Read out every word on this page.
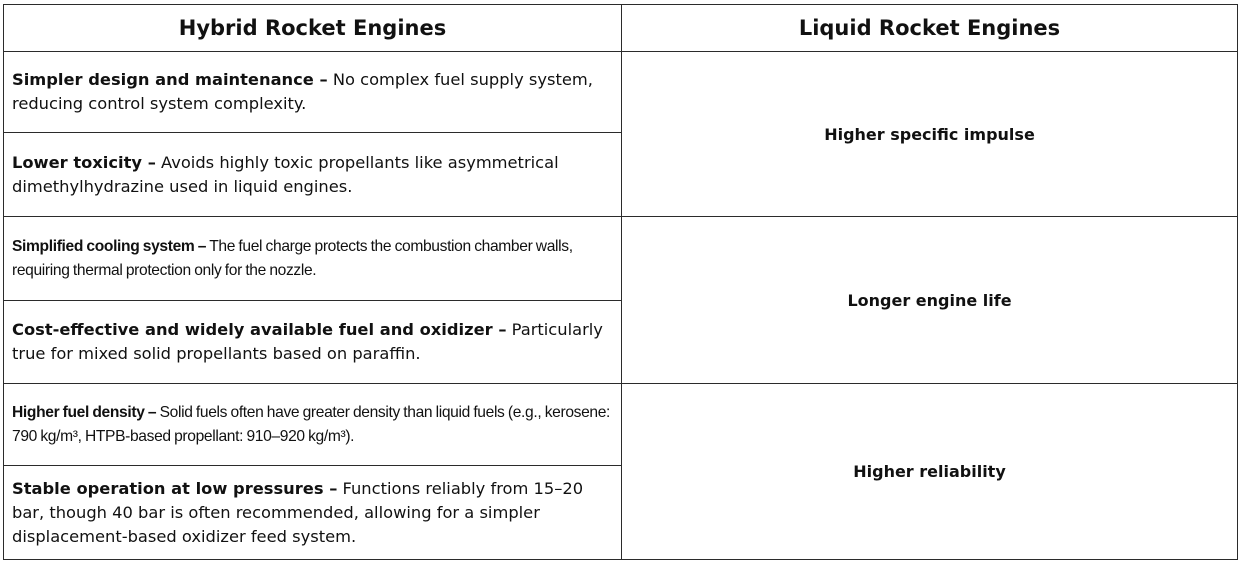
Hybrid Rocket Engines	Liquid Rocket Engines
Simpler design and maintenance – No complex fuel supply system, reducing control system complexity.	Higher specific impulse
Lower toxicity – Avoids highly toxic propellants like asymmetrical dimethylhydrazine used in liquid engines.	
Simplified cooling system – The fuel charge protects the combustion chamber walls, requiring thermal protection only for the nozzle.	Longer engine life
Cost-effective and widely available fuel and oxidizer – Particularly true for mixed solid propellants based on paraffin.	
Higher fuel density – Solid fuels often have greater density than liquid fuels (e.g., kerosene: 790 kg/m³, HTPB-based propellant: 910–920 kg/m³).	Higher reliability
Stable operation at low pressures – Functions reliably from 15–20 bar, though 40 bar is often recommended, allowing for a simpler displacement-based oxidizer feed system.	
